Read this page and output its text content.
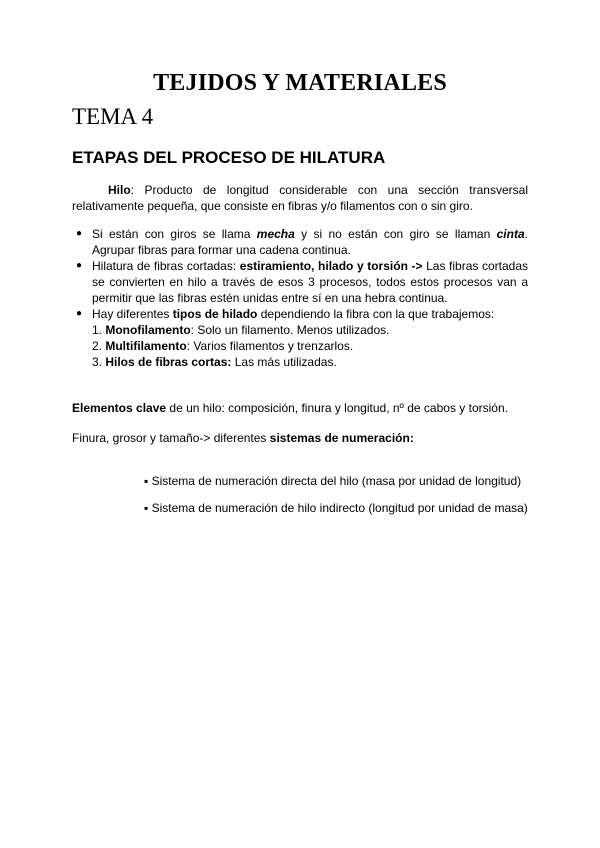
TEJIDOS Y MATERIALES
TEMA 4
ETAPAS DEL PROCESO DE HILATURA
Hilo: Producto de longitud considerable con una sección transversal
relativamente pequeña, que consiste en fibras y/o filamentos con o sin giro.
● Si están con giros se llama mecha y si no están con giro se llaman cinta.
Agrupar fibras para formar una cadena continua.
● Hilatura de fibras cortadas: estiramiento, hilado y torsión -> Las fibras cortadas se convierten en hilo a través de esos 3 procesos, todos estos procesos van a permitir que las fibras estén unidas entre sí en una hebra continua.
● Hay diferentes tipos de hilado dependiendo la fibra con la que trabajemos:
1. Monofilamento: Solo un filamento. Menos utilizados.
2. Multifilamento: Varios filamentos y trenzarlos.
3. Hilos de fibras cortas: Las más utilizadas.
Elementos clave de un hilo: composición, finura y longitud, nº de cabos y torsión.
Finura, grosor y tamaño-> diferentes sistemas de numeración:
▪ Sistema de numeración directa del hilo (masa por unidad de longitud)
▪ Sistema de numeración de hilo indirecto (longitud por unidad de masa)
